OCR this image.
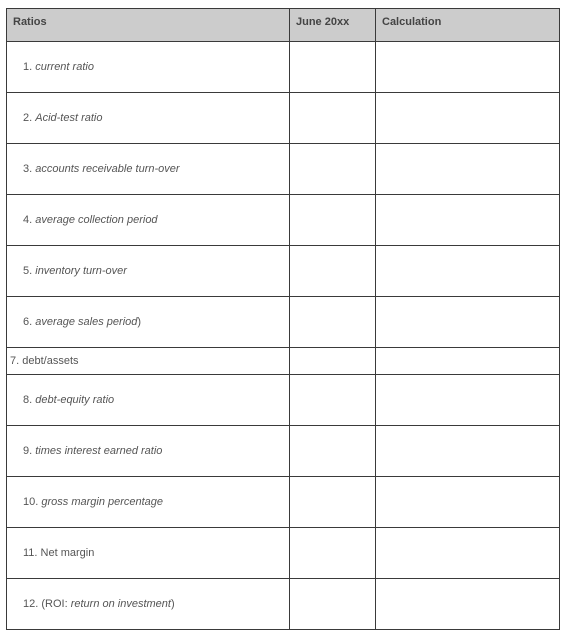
Ratios	June 20xx	Calculation

1. current ratio		
2. Acid-test ratio		
3. accounts receivable turn-over		
4. average collection period		
5. inventory turn-over		
6. average sales period)		
7. debt/assets		
8. debt-equity ratio		
9. times interest earned ratio		
10. gross margin percentage		
11. Net margin		
12. (ROI: return on investment)		
